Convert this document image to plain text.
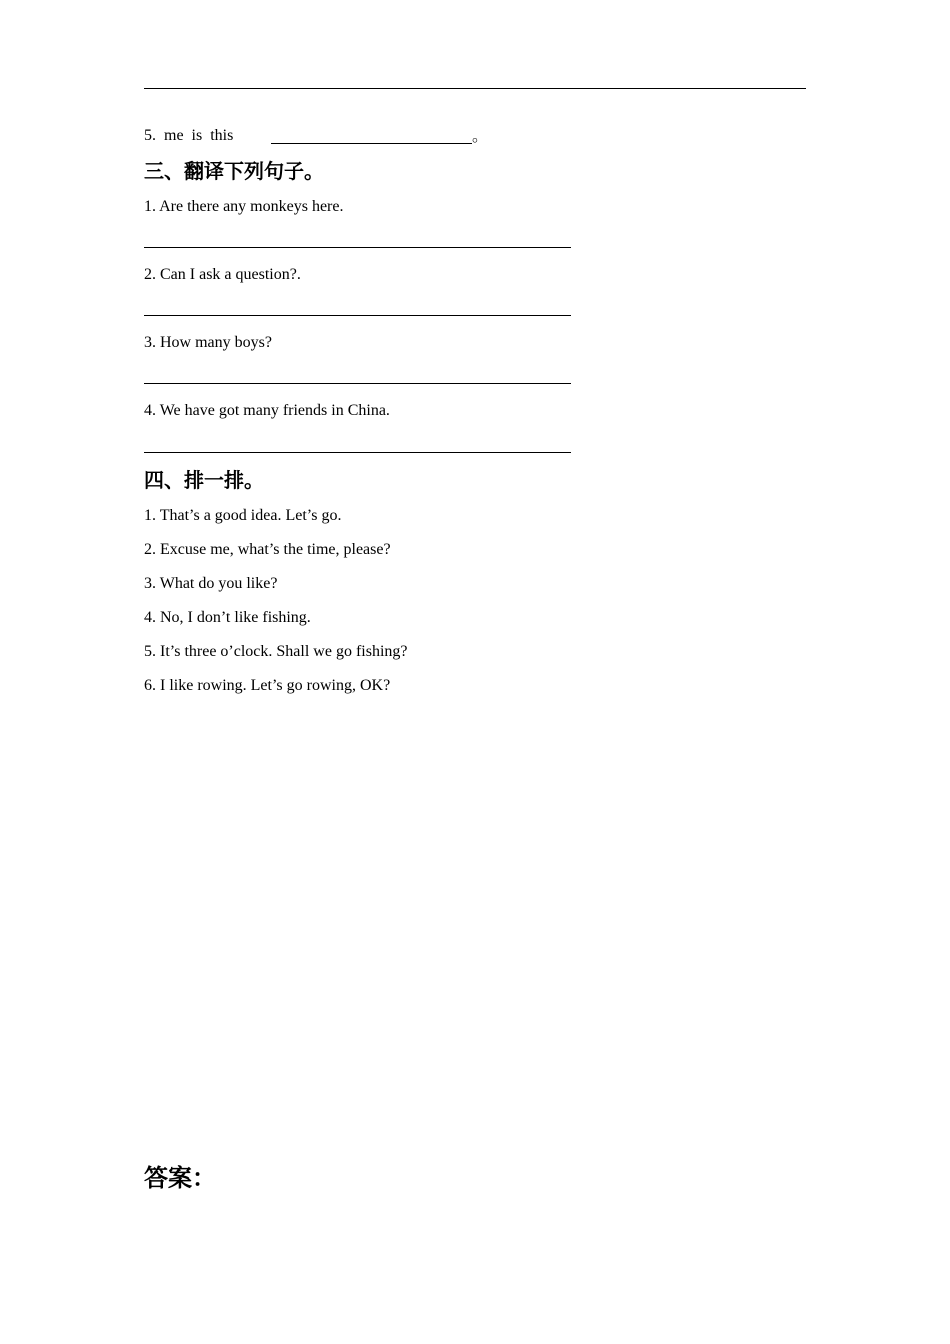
5.  me  is  this	。
三、翻译下列句子。
1. Are there any monkeys here.
2. Can I ask a question?.
3. How many boys?
4. We have got many friends in China.
四、排一排。
1. That’s a good idea. Let’s go.
2. Excuse me, what’s the time, please?
3. What do you like?
4. No, I don’t like fishing.
5. It’s three o’clock. Shall we go fishing?
6. I like rowing. Let’s go rowing, OK?
答案：
